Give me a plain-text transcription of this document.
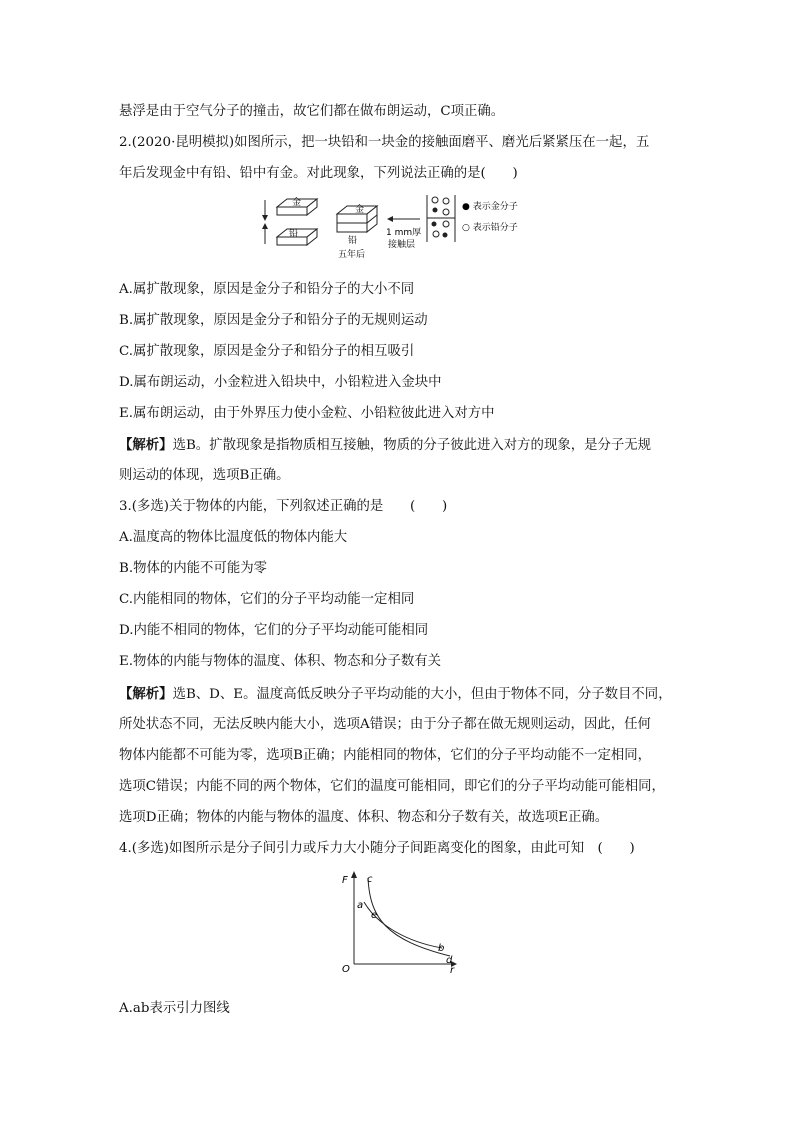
悬浮是由于空气分子的撞击，故它们都在做布朗运动，C项正确。
2.(2020·昆明模拟)如图所示，把一块铅和一块金的接触面磨平、磨光后紧紧压在一起，五
年后发现金中有铅、铅中有金。对此现象，下列说法正确的是(　　)
金
铅
金
铅
五年后
1 mm厚
接触层
● 表示金分子
○ 表示铅分子
A.属扩散现象，原因是金分子和铅分子的大小不同
B.属扩散现象，原因是金分子和铅分子的无规则运动
C.属扩散现象，原因是金分子和铅分子的相互吸引
D.属布朗运动，小金粒进入铅块中，小铅粒进入金块中
E.属布朗运动，由于外界压力使小金粒、小铅粒彼此进入对方中
【解析】选B。扩散现象是指物质相互接触，物质的分子彼此进入对方的现象，是分子无规
则运动的体现，选项B正确。
3.(多选)关于物体的内能，下列叙述正确的是　　(　　)
A.温度高的物体比温度低的物体内能大
B.物体的内能不可能为零
C.内能相同的物体，它们的分子平均动能一定相同
D.内能不相同的物体，它们的分子平均动能可能相同
E.物体的内能与物体的温度、体积、物态和分子数有关
【解析】选B、D、E。温度高低反映分子平均动能的大小，但由于物体不同，分子数目不同，
所处状态不同，无法反映内能大小，选项A错误；由于分子都在做无规则运动，因此，任何
物体内能都不可能为零，选项B正确；内能相同的物体，它们的分子平均动能不一定相同，
选项C错误；内能不同的两个物体，它们的温度可能相同，即它们的分子平均动能可能相同，
选项D正确；物体的内能与物体的温度、体积、物态和分子数有关，故选项E正确。
4.(多选)如图所示是分子间引力或斥力大小随分子间距离变化的图象，由此可知　(　　)
F
r
O
c
a
e
b
d
A.ab表示引力图线
